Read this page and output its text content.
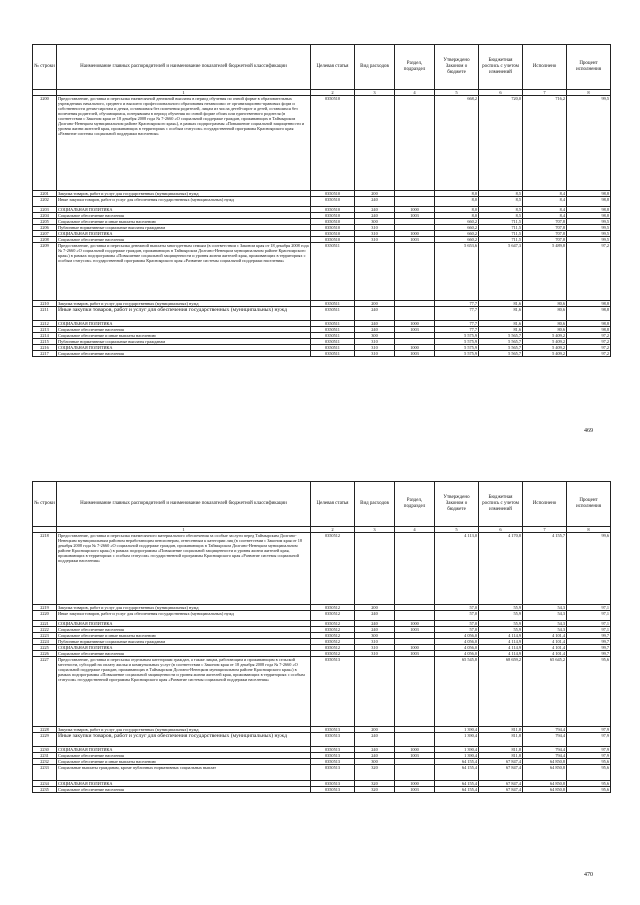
№ строки	Наименование главных распорядителей и наименование показателей бюджетной классификации	Целевая статья	Вид расходов	Раздел, подраздел	Утверждено Законом о бюджете	Бюджетная роспись с учетом изменений	Исполнено	Процент исполнения
	1	2	3	4	5	6	7	8
2200	Предоставление, доставка и пересылка ежемесячной денежной выплаты в период обучения по очной форме в образовательных учреждениях начального, среднего и высшего профессионального образования независимо от организационно-правовых форм и собственности детям-сиротам и детям, оставшимся без попечения родителей, лицам из числа детей-сирот и детей, оставшихся без попечения родителей, обучающимся, потерявшим в период обучения по очной форме обоих или единственного родителя (в соответствии с Законом края от 18 декабря 2008 года № 7-2660 «О социальной поддержке граждан, проживающих в Таймырском Долгано-Ненецком муниципальном районе Красноярского края»), в рамках подпрограммы «Повышение социальной защищенности и уровня жизни жителей края, проживающих в территориях с особым статусом» государственной программы Красноярского края «Развитие системы социальной поддержки населения»	0350510			668,2	720,0	716,2	99,5
2201	Закупка товаров, работ и услуг для государственных (муниципальных) нужд	0350510	200		8,0	8,5	8,4	98,8
2202	Иные закупки товаров, работ и услуг для обеспечения государственных (муниципальных) нужд	0350510	240		8,0	8,5	8,4	98,8
2203	СОЦИАЛЬНАЯ ПОЛИТИКА	0350510	240	1000	8,0	8,5	8,4	98,8
2204	Социальное обеспечение населения	0350510	240	1003	8,0	8,5	8,4	98,8
2205	Социальное обеспечение и иные выплаты населению	0350510	300		660,2	711,5	707,8	99,5
2206	Публичные нормативные социальные выплаты гражданам	0350510	310		660,2	711,5	707,8	99,5
2207	СОЦИАЛЬНАЯ ПОЛИТИКА	0350510	310	1000	660,2	711,5	707,8	99,5
2208	Социальное обеспечение населения	0350510	310	1003	660,2	711,5	707,8	99,5
2209	Предоставление, доставка и пересылка денежной выплаты многодетным семьям (в соответствии с Законом края от 18 декабря 2008 года № 7-2660 «О социальной поддержке граждан, проживающих в Таймырском Долгано-Ненецком муниципальном районе Красноярского края») в рамках подпрограммы «Повышение социальной защищенности и уровня жизни жителей края, проживающих в территориях с особым статусом» государственной программы Красноярского края «Развитие системы социальной поддержки населения»	0350511			5 653,6	5 647,3	5 489,8	97,2
2210	Закупка товаров, работ и услуг для государственных (муниципальных) нужд	0350511	200		77,7	81,6	80,6	98,8
2211	Иные закупки товаров, работ и услуг для обеспечения государственных (муниципальных) нужд	0350511	240		77,7	81,6	80,6	98,8
2212	СОЦИАЛЬНАЯ ПОЛИТИКА	0350511	240	1000	77,7	81,6	80,6	98,8
2213	Социальное обеспечение населения	0350511	240	1003	77,7	81,6	80,6	98,8
2214	Социальное обеспечение и иные выплаты населению	0350511	300		5 575,9	5 565,7	5 409,2	97,2
2215	Публичные нормативные социальные выплаты гражданам	0350511	310		5 575,9	5 565,7	5 409,2	97,2
2216	СОЦИАЛЬНАЯ ПОЛИТИКА	0350511	310	1000	5 575,9	5 565,7	5 409,2	97,2
2217	Социальное обеспечение населения	0350511	310	1003	5 575,9	5 565,7	5 409,2	97,2
469
№ строки	Наименование главных распорядителей и наименование показателей бюджетной классификации	Целевая статья	Вид расходов	Раздел, подраздел	Утверждено Законом о бюджете	Бюджетная роспись с учетом изменений	Исполнено	Процент исполнения
	1	2	3	4	5	6	7	8
2218	Предоставление, доставка и пересылка ежемесячного материального обеспечения за особые заслуги перед Таймырским Долгано-Ненецким муниципальным районом неработающим пенсионерам, отнесенным к категории лиц (в соответствии с Законом края от 18 декабря 2008 года № 7-2660 «О социальной поддержке граждан, проживающих в Таймырском Долгано-Ненецком муниципальном районе Красноярского края») в рамках подпрограммы «Повышение социальной защищенности и уровня жизни жителей края, проживающих в территориях с особым статусом» государственной программы Красноярского края «Развитие системы социальной поддержки населения»	0350512			4 113,0	4 170,8	4 155,7	99,6
2219	Закупка товаров, работ и услуг для государственных (муниципальных) нужд	0350512	200		57,0	55,9	54,3	97,1
2220	Иные закупки товаров, работ и услуг для обеспечения государственных (муниципальных) нужд	0350512	240		57,0	55,9	54,3	97,1
2221	СОЦИАЛЬНАЯ ПОЛИТИКА	0350512	240	1000	57,0	55,9	54,3	97,1
2222	Социальное обеспечение населения	0350512	240	1003	57,0	55,9	54,3	97,1
2223	Социальное обеспечение и иные выплаты населению	0350512	300		4 056,0	4 114,9	4 101,4	99,7
2224	Публичные нормативные социальные выплаты гражданам	0350512	310		4 056,0	4 114,9	4 101,4	99,7
2225	СОЦИАЛЬНАЯ ПОЛИТИКА	0350512	310	1000	4 056,0	4 114,9	4 101,4	99,7
2226	Социальное обеспечение населения	0350512	310	1003	4 056,0	4 114,9	4 101,4	99,7
2227	Предоставление, доставка и пересылка отдельным категориям граждан, а также лицам, работающим и проживающим в сельской местности, субсидий на оплату жилья и коммунальных услуг (в соответствии с Законом края от 18 декабря 2008 года № 7-2660 «О социальной поддержке граждан, проживающих в Таймырском Долгано-Ненецком муниципальном районе Красноярского края») в рамках подпрограммы «Повышение социальной защищенности и уровня жизни жителей края, проживающих в территориях с особым статусом» государственной программы Красноярского края «Развитие системы социальной поддержки населения»	0350513			65 545,8	68 659,2	65 645,2	95,6
2228	Закупка товаров, работ и услуг для государственных (муниципальных) нужд	0350513	200		1 390,4	811,8	794,4	97,9
2229	Иные закупки товаров, работ и услуг для обеспечения государственных (муниципальных) нужд	0350513	240		1 390,4	811,8	794,4	97,9
2230	СОЦИАЛЬНАЯ ПОЛИТИКА	0350513	240	1000	1 390,4	811,8	794,4	97,9
2231	Социальное обеспечение населения	0350513	240	1003	1 390,4	811,8	794,4	97,9
2232	Социальное обеспечение и иные выплаты населению	0350513	300		64 155,4	67 847,4	64 850,8	95,6
2233	Социальные выплаты гражданам, кроме публичных нормативных социальных выплат	0350513	320		64 155,4	67 847,4	64 850,8	95,6
2234	СОЦИАЛЬНАЯ ПОЛИТИКА	0350513	320	1000	64 155,4	67 847,4	64 850,8	95,6
2235	Социальное обеспечение населения	0350513	320	1003	64 155,4	67 847,4	64 850,8	95,6
470
